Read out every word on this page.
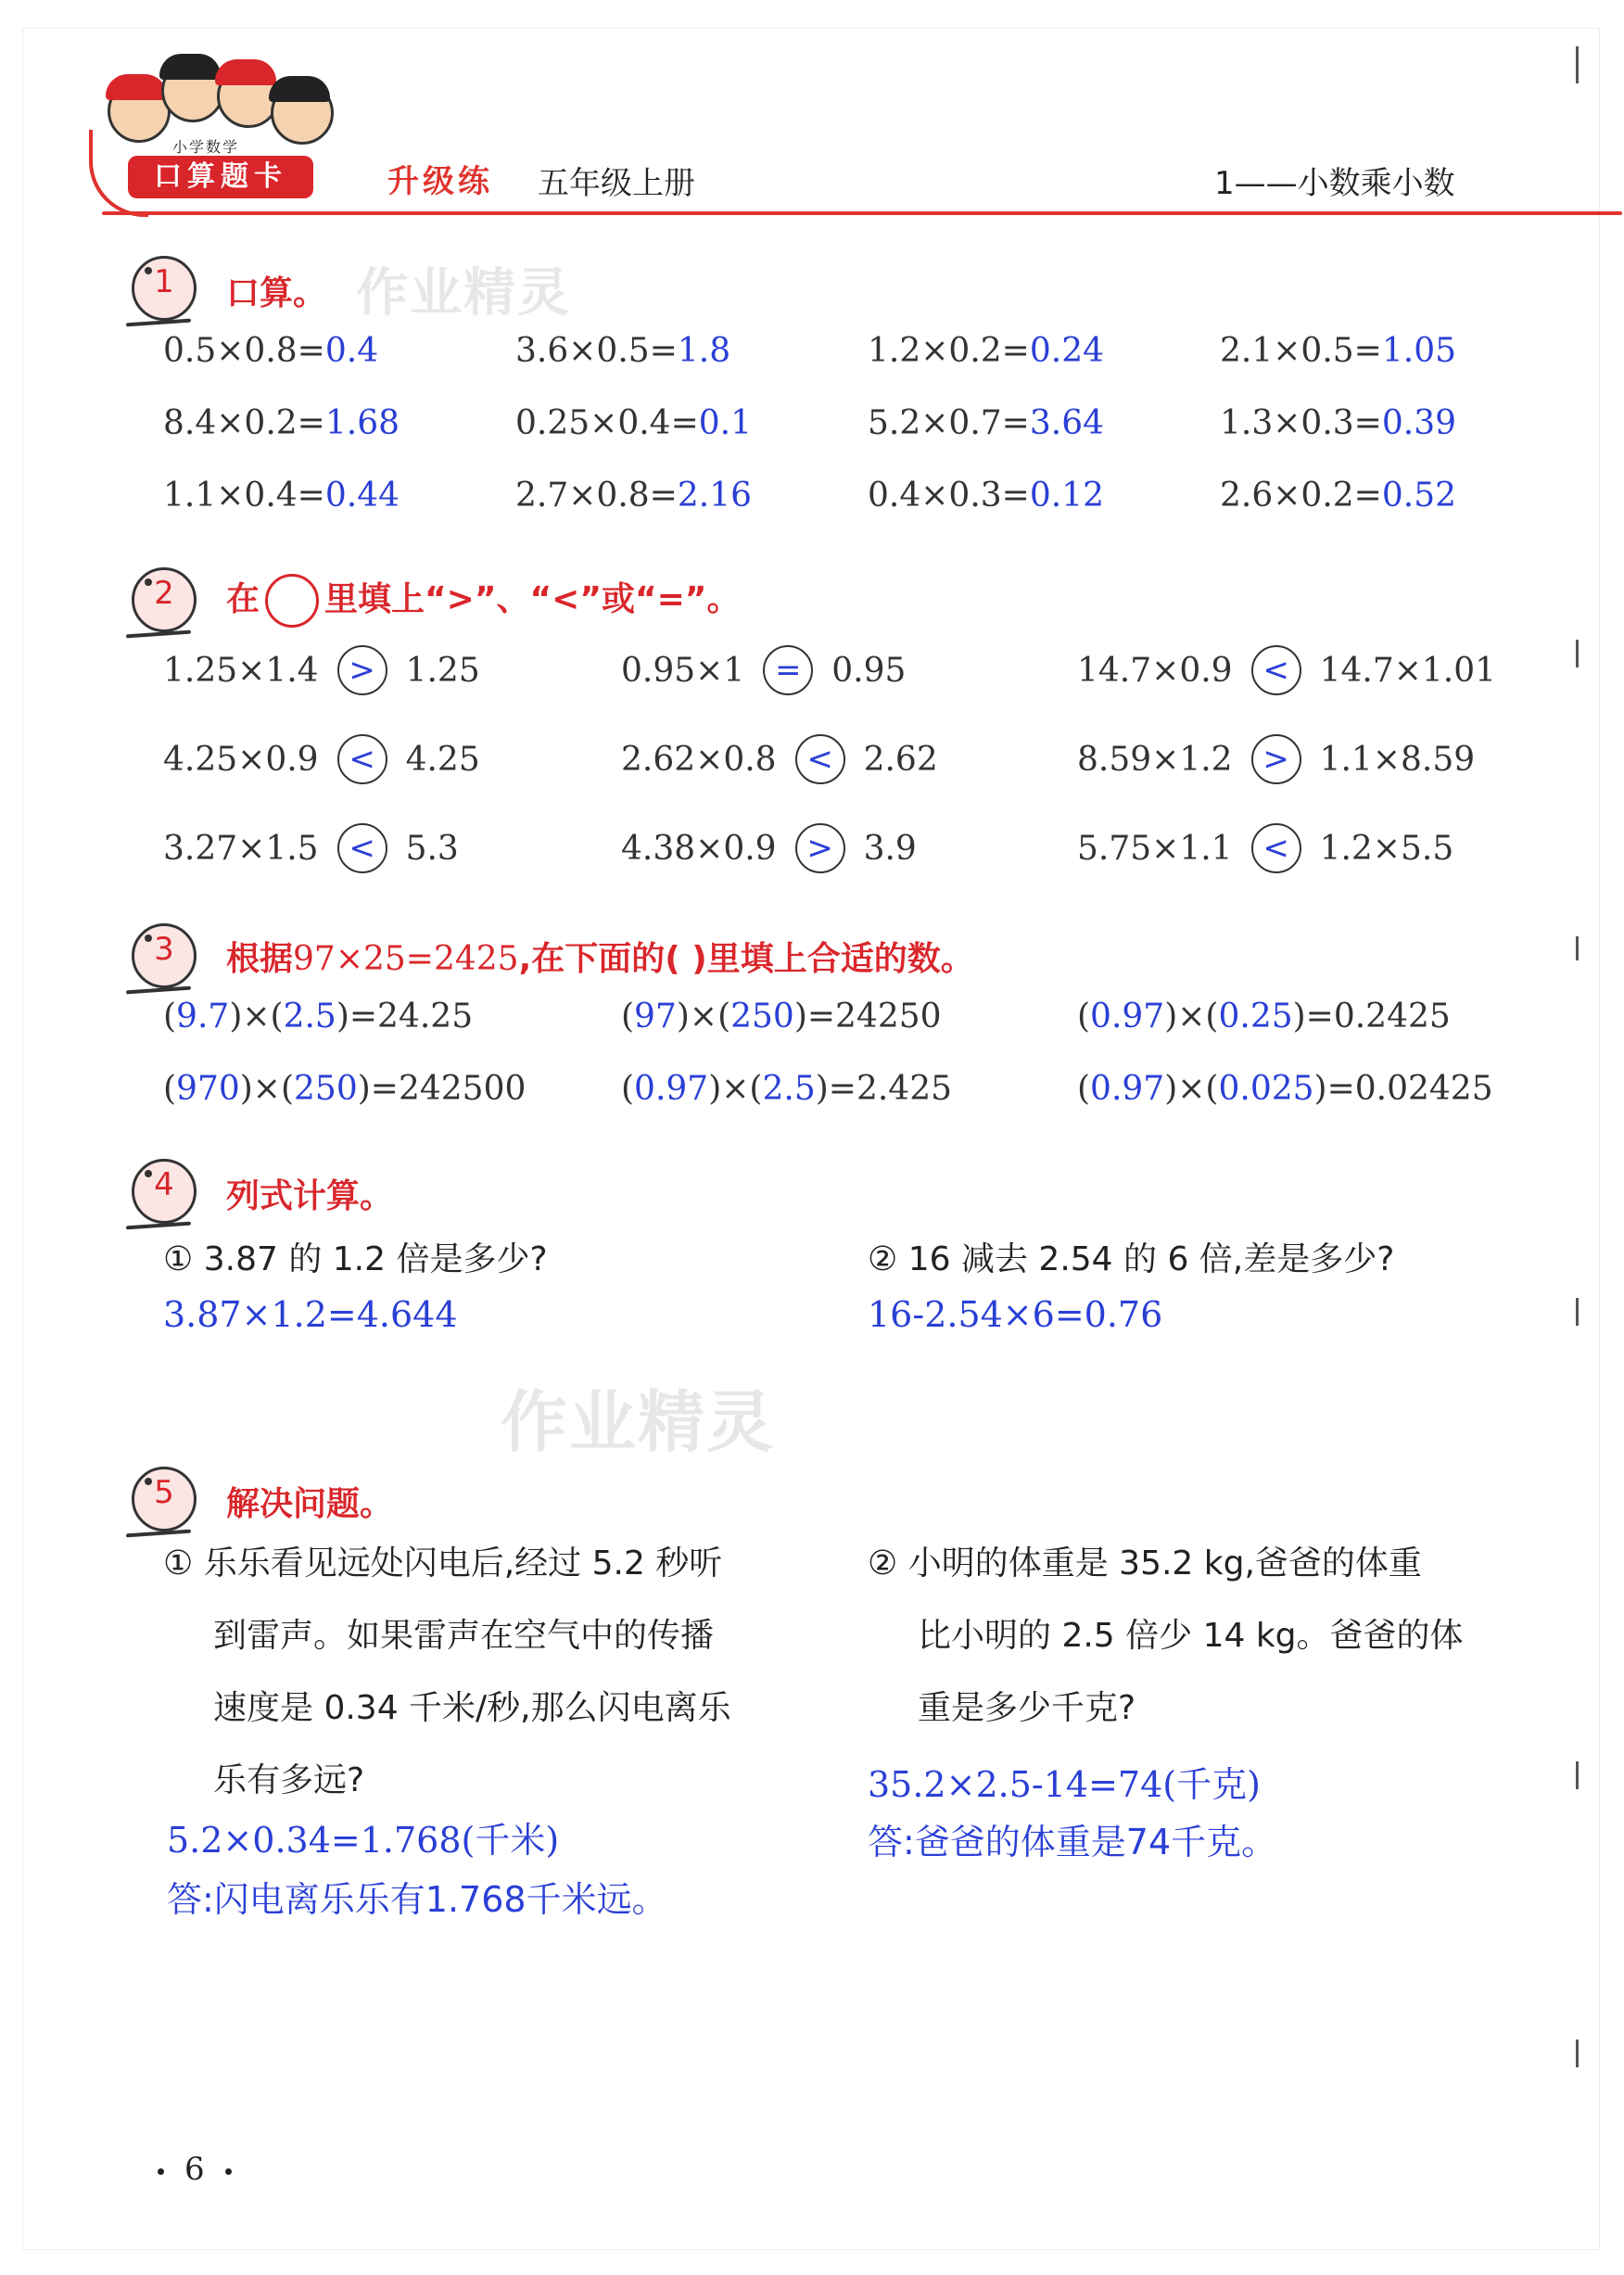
小学数学
口算题卡	升级练 五年级上册	1——小数乘小数
1	口算。 作业精灵
0.5×0.8=0.4	3.6×0.5=1.8	1.2×0.2=0.24	2.1×0.5=1.05
8.4×0.2=1.68	0.25×0.4=0.1	5.2×0.7=3.64	1.3×0.3=0.39
1.1×0.4=0.44	2.7×0.8=2.16	0.4×0.3=0.12	2.6×0.2=0.52
2	在 里填上“>”、“<”或“=”。
1.25×1.4 > 1.25	0.95×1 = 0.95	14.7×0.9 < 14.7×1.01
4.25×0.9 < 4.25	2.62×0.8 < 2.62	8.59×1.2 > 1.1×8.59
3.27×1.5 < 5.3	4.38×0.9 > 3.9	5.75×1.1 < 1.2×5.5
3	根据97×25=2425,在下面的( )里填上合适的数。
(9.7)×(2.5)=24.25	(97)×(250)=24250	(0.97)×(0.25)=0.2425
(970)×(250)=242500	(0.97)×(2.5)=2.425	(0.97)×(0.025)=0.02425
4	列式计算。
① 3.87 的 1.2 倍是多少?
3.87×1.2=4.644
② 16 减去 2.54 的 6 倍,差是多少?
16-2.54×6=0.76
作业精灵
5	解决问题。
① 乐乐看见远处闪电后,经过 5.2 秒听
到雷声。如果雷声在空气中的传播
速度是 0.34 千米/秒,那么闪电离乐
乐有多远?
5.2×0.34=1.768(千米)
答:闪电离乐乐有1.768千米远。
② 小明的体重是 35.2 kg,爸爸的体重
比小明的 2.5 倍少 14 kg。爸爸的体
重是多少千克?
35.2×2.5-14=74(千克)
答:爸爸的体重是74千克。
6
